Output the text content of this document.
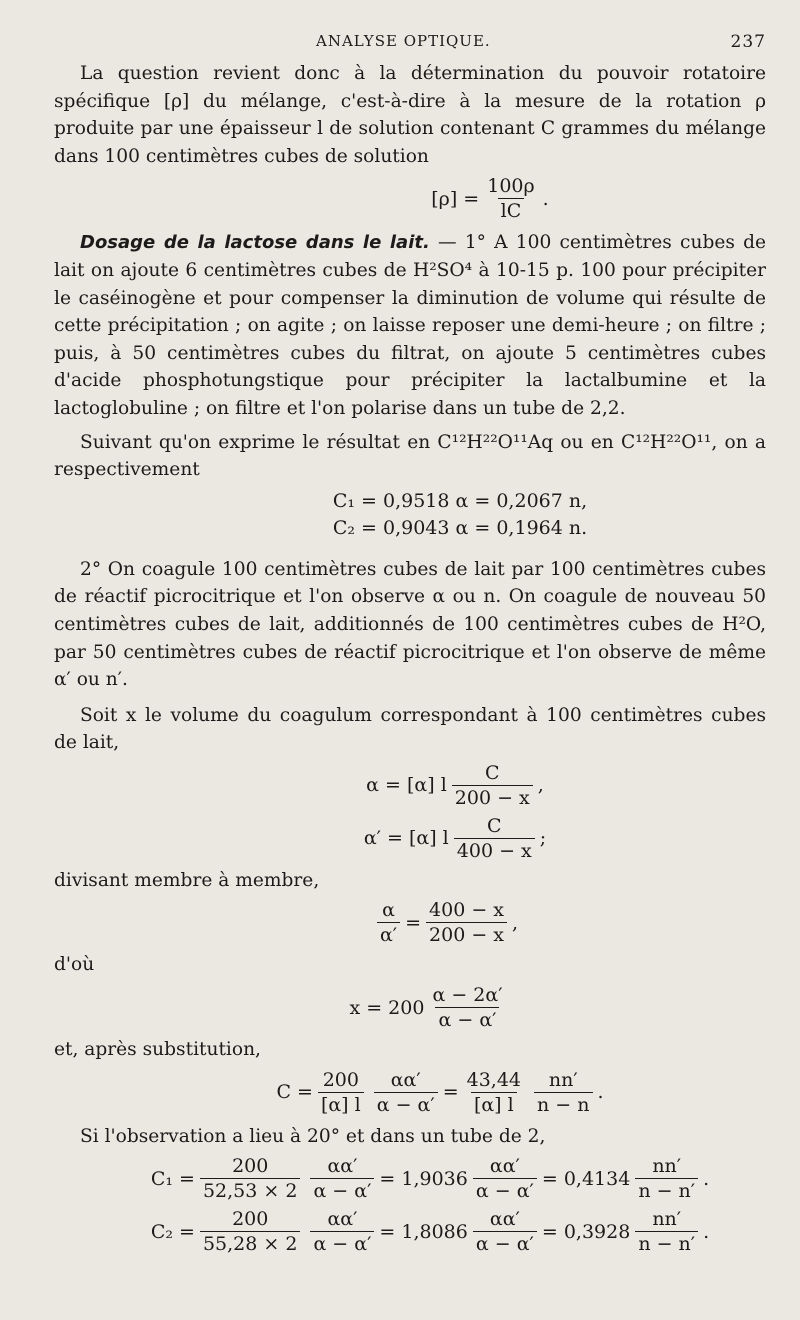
ANALYSE OPTIQUE.	237

La question revient donc à la détermination du pouvoir rotatoire spécifique [ρ] du mélange, c'est-à-dire à la mesure de la rotation ρ produite par une épaisseur l de solution contenant C grammes du mélange dans 100 centimètres cubes de solution

$[\rho] = \frac{100\rho}{lC}$ .

Dosage de la lactose dans le lait. — 1° A 100 centimètres cubes de lait on ajoute 6 centimètres cubes de H²SO⁴ à 10-15 p. 100 pour précipiter le caséinogène et pour compenser la diminution de volume qui résulte de cette précipitation ; on agite ; on laisse reposer une demi-heure ; on filtre ; puis, à 50 centimètres cubes du filtrat, on ajoute 5 centimètres cubes d'acide phosphotungstique pour précipiter la lactalbumine et la lactoglobuline ; on filtre et l'on polarise dans un tube de 2,2.

Suivant qu'on exprime le résultat en C¹²H²²O¹¹Aq ou en C¹²H²²O¹¹, on a respectivement

C₁ = 0,9518 α = 0,2067 n,
C₂ = 0,9043 α = 0,1964 n.

2° On coagule 100 centimètres cubes de lait par 100 centimètres cubes de réactif picrocitrique et l'on observe α ou n. On coagule de nouveau 50 centimètres cubes de lait, additionnés de 100 centimètres cubes de H²O, par 50 centimètres cubes de réactif picrocitrique et l'on observe de même α′ ou n′.

Soit x le volume du coagulum correspondant à 100 centimètres cubes de lait,

α = [α] l $\frac{C}{200 - x}$ ,
α′ = [α] l $\frac{C}{400 - x}$ ;

divisant membre à membre,

$\frac{\alpha}{\alpha'} = \frac{400 - x}{200 - x}$ ,

d'où

$x = 200 \frac{\alpha - 2\alpha'}{\alpha - \alpha'}$

et, après substitution,

$C = \frac{200}{[\alpha] l} \frac{\alpha\alpha'}{\alpha - \alpha'} = \frac{43,44}{[\alpha] l} \frac{nn'}{n - n}$ .

Si l'observation a lieu à 20° et dans un tube de 2,

$C_1 = \frac{200}{52,53 \times 2} \frac{\alpha\alpha'}{\alpha - \alpha'} = 1,9036 \frac{\alpha\alpha'}{\alpha - \alpha'} = 0,4134 \frac{nn'}{n - n'}$ .
$C_2 = \frac{200}{55,28 \times 2} \frac{\alpha\alpha'}{\alpha - \alpha'} = 1,8086 \frac{\alpha\alpha'}{\alpha - \alpha'} = 0,3928 \frac{nn'}{n - n'}$ .
